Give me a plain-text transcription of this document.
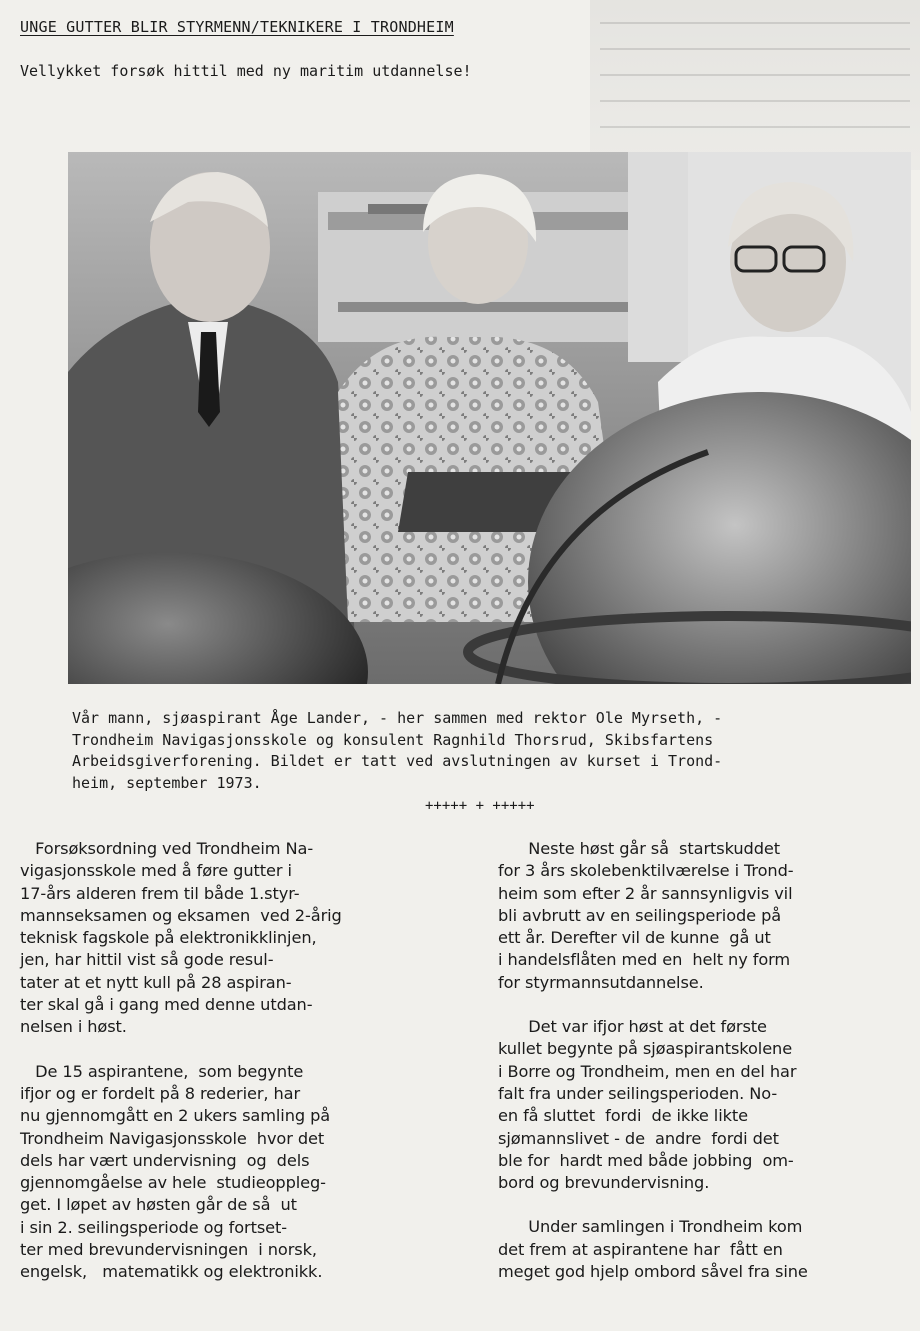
UNGE GUTTER BLIR STYRMENN/TEKNIKERE I TRONDHEIM
Vellykket forsøk hittil med ny maritim utdannelse!
Vår mann, sjøaspirant Åge Lander, - her sammen med rektor Ole Myrseth, -
Trondheim Navigasjonsskole og konsulent Ragnhild Thorsrud, Skibsfartens
Arbeidsgiverforening. Bildet er tatt ved avslutningen av kurset i Trond-
heim, september 1973.
+++++ + +++++

Forsøksordning ved Trondheim Na-
vigasjonsskole med å føre gutter i
17-års alderen frem til både 1.styr-
mannseksamen og eksamen  ved 2-årig
teknisk fagskole på elektronikklinjen,
jen, har hittil vist så gode resul-
tater at et nytt kull på 28 aspiran-
ter skal gå i gang med denne utdan-
nelsen i høst.

De 15 aspirantene,  som begynte
ifjor og er fordelt på 8 rederier, har
nu gjennomgått en 2 ukers samling på
Trondheim Navigasjonsskole  hvor det
dels har vært undervisning  og  dels
gjennomgåelse av hele  studieoppleg-
get. I løpet av høsten går de så  ut
i sin 2. seilingsperiode og fortset-
ter med brevundervisningen  i norsk,
engelsk,   matematikk og elektronikk.

Neste høst går så  startskuddet
for 3 års skolebenktilværelse i Trond-
heim som efter 2 år sannsynligvis vil
bli avbrutt av en seilingsperiode på
ett år. Derefter vil de kunne  gå ut
i handelsflåten med en  helt ny form
for styrmannsutdannelse.

Det var ifjor høst at det første
kullet begynte på sjøaspirantskolene
i Borre og Trondheim, men en del har
falt fra under seilingsperioden. No-
en få sluttet  fordi  de ikke likte
sjømannslivet - de  andre  fordi det
ble for  hardt med både jobbing  om-
bord og brevundervisning.

Under samlingen i Trondheim kom
det frem at aspirantene har  fått en
meget god hjelp ombord såvel fra sine
